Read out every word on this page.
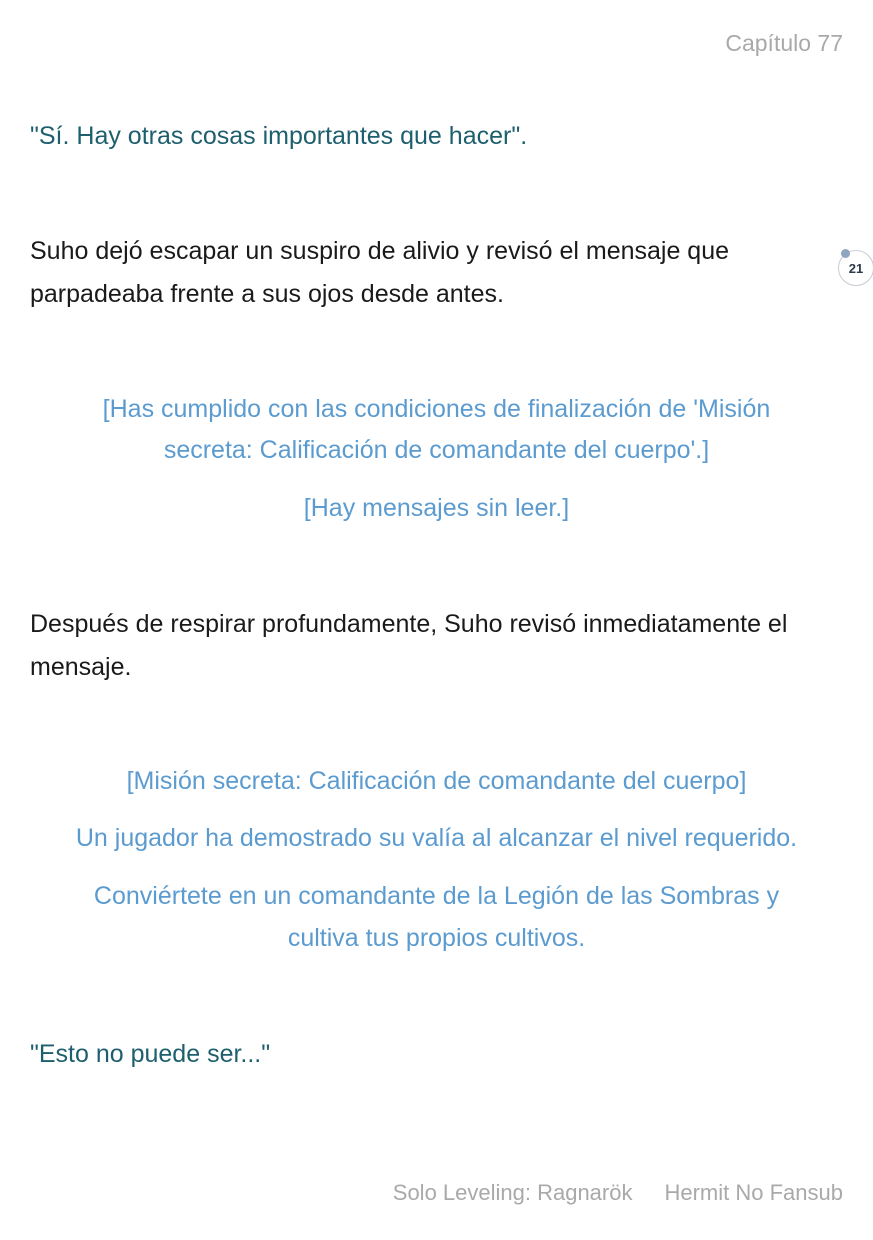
Capítulo 77

"Sí. Hay otras cosas importantes que hacer".

Suho dejó escapar un suspiro de alivio y revisó el mensaje que parpadeaba frente a sus ojos desde antes.

21

[Has cumplido con las condiciones de finalización de 'Misión

secreta: Calificación de comandante del cuerpo'.]

[Hay mensajes sin leer.]

Después de respirar profundamente, Suho revisó inmediatamente el mensaje.

[Misión secreta: Calificación de comandante del cuerpo]

Un jugador ha demostrado su valía al alcanzar el nivel requerido.

Conviértete en un comandante de la Legión de las Sombras y

cultiva tus propios cultivos.

"Esto no puede ser..."

Solo Leveling: Ragnarök Hermit No Fansub
